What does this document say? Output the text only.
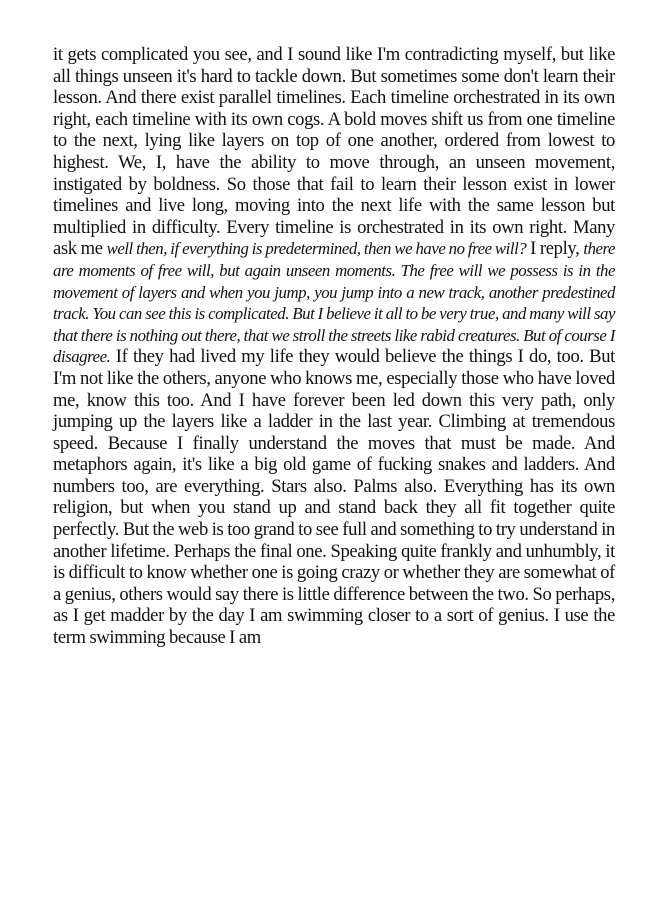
it gets complicated you see, and I sound like I'm contradicting myself, but like all things unseen it's hard to tackle down. But sometimes some don't learn their lesson. And there exist parallel timelines. Each timeline orchestrated in its own right, each timeline with its own cogs. A bold moves shift us from one timeline to the next, lying like layers on top of one another, ordered from lowest to highest. We, I, have the ability to move through, an unseen movement, instigated by boldness. So those that fail to learn their lesson exist in lower timelines and live long, moving into the next life with the same lesson but multiplied in difficulty. Every timeline is orchestrated in its own right. Many ask me well then, if everything is predetermined, then we have no free will? I reply, there are moments of free will, but again unseen moments. The free will we possess is in the movement of layers and when you jump, you jump into a new track, another predestined track. You can see this is complicated. But I believe it all to be very true, and many will say that there is nothing out there, that we stroll the streets like rabid creatures. But of course I disagree. If they had lived my life they would believe the things I do, too. But I'm not like the others, anyone who knows me, especially those who have loved me, know this too. And I have forever been led down this very path, only jumping up the layers like a ladder in the last year. Climbing at tremendous speed. Because I finally understand the moves that must be made. And metaphors again, it's like a big old game of fucking snakes and ladders. And numbers too, are everything. Stars also. Palms also. Everything has its own religion, but when you stand up and stand back they all fit together quite perfectly. But the web is too grand to see full and something to try understand in another lifetime. Perhaps the final one. Speaking quite frankly and unhumbly, it is difficult to know whether one is going crazy or whether they are somewhat of a genius, others would say there is little difference between the two. So perhaps, as I get madder by the day I am swimming closer to a sort of genius. I use the term swimming because I am
